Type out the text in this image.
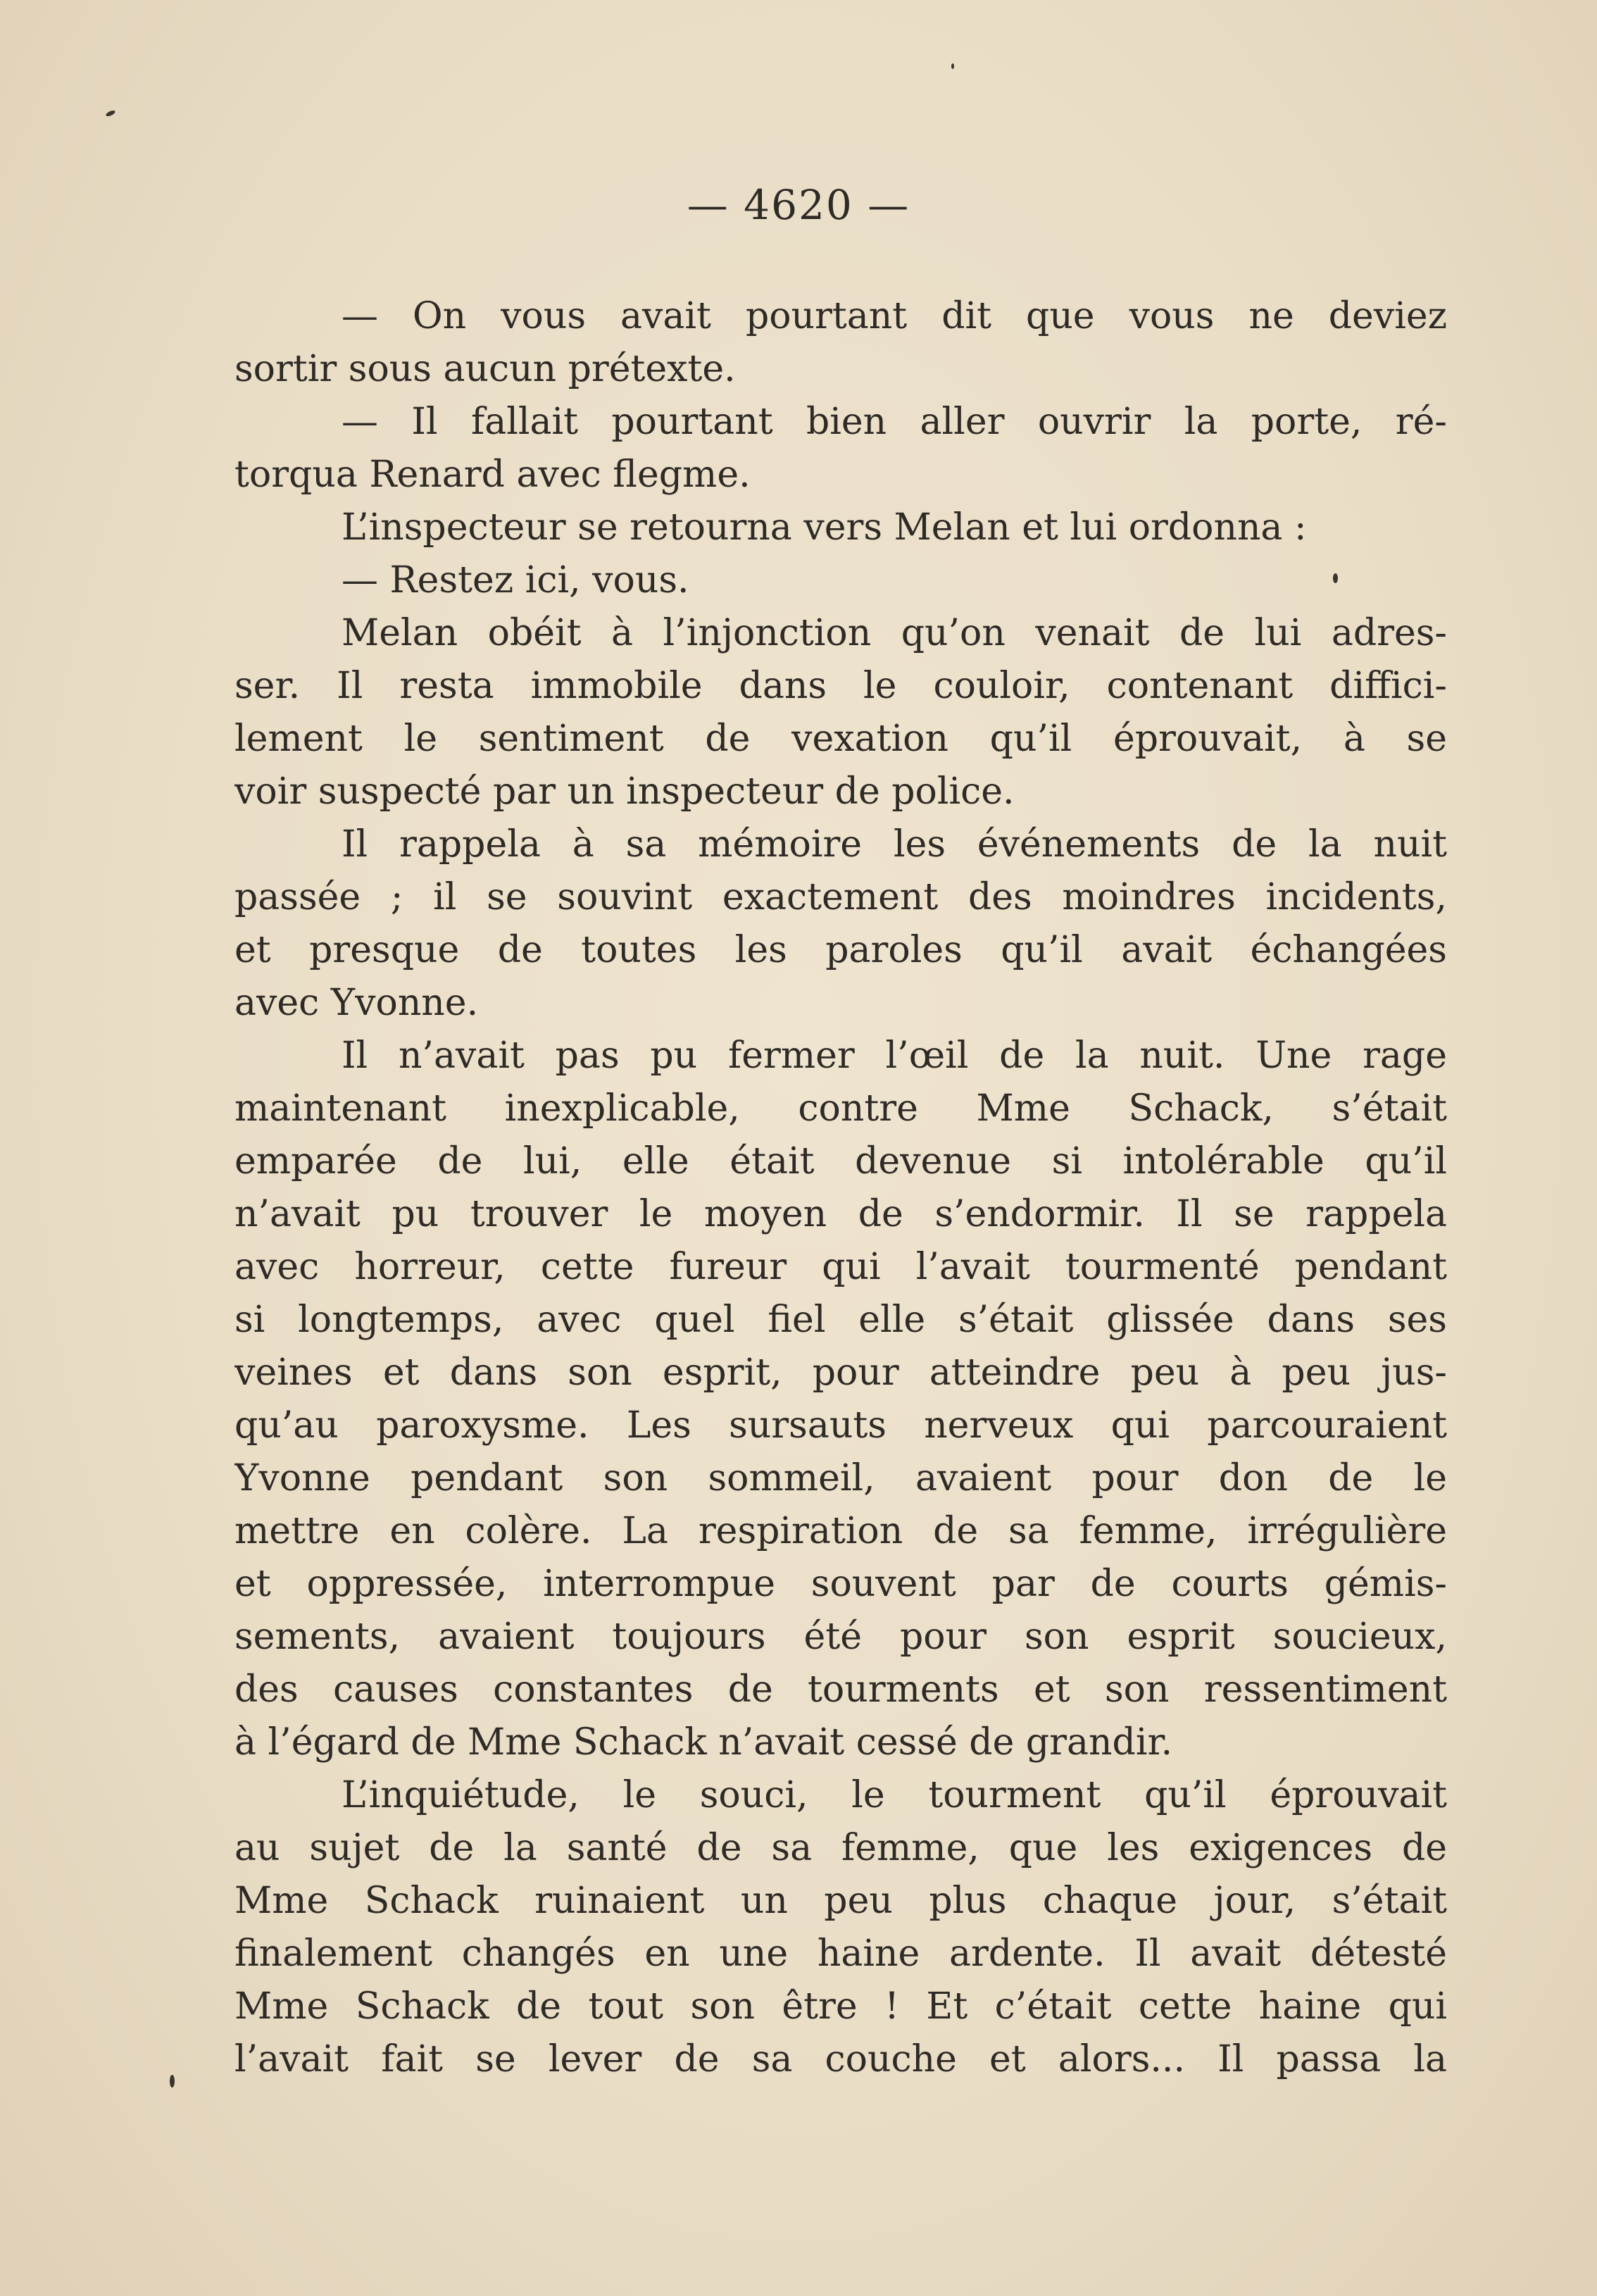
— 4620 —
— On vous avait pourtant dit que vous ne deviez
sortir sous aucun prétexte.
— Il fallait pourtant bien aller ouvrir la porte, ré-
torqua Renard avec flegme.
L’inspecteur se retourna vers Melan et lui ordonna :
— Restez ici, vous.
Melan obéit à l’injonction qu’on venait de lui adres-
ser. Il resta immobile dans le couloir, contenant diffici-
lement le sentiment de vexation qu’il éprouvait, à se
voir suspecté par un inspecteur de police.
Il rappela à sa mémoire les événements de la nuit
passée ; il se souvint exactement des moindres incidents,
et presque de toutes les paroles qu’il avait échangées
avec Yvonne.
Il n’avait pas pu fermer l’œil de la nuit. Une rage
maintenant inexplicable, contre Mme Schack, s’était
emparée de lui, elle était devenue si intolérable qu’il
n’avait pu trouver le moyen de s’endormir. Il se rappela
avec horreur, cette fureur qui l’avait tourmenté pendant
si longtemps, avec quel fiel elle s’était glissée dans ses
veines et dans son esprit, pour atteindre peu à peu jus-
qu’au paroxysme. Les sursauts nerveux qui parcouraient
Yvonne pendant son sommeil, avaient pour don de le
mettre en colère. La respiration de sa femme, irrégulière
et oppressée, interrompue souvent par de courts gémis-
sements, avaient toujours été pour son esprit soucieux,
des causes constantes de tourments et son ressentiment
à l’égard de Mme Schack n’avait cessé de grandir.
L’inquiétude, le souci, le tourment qu’il éprouvait
au sujet de la santé de sa femme, que les exigences de
Mme Schack ruinaient un peu plus chaque jour, s’était
finalement changés en une haine ardente. Il avait détesté
Mme Schack de tout son être ! Et c’était cette haine qui
l’avait fait se lever de sa couche et alors... Il passa la
